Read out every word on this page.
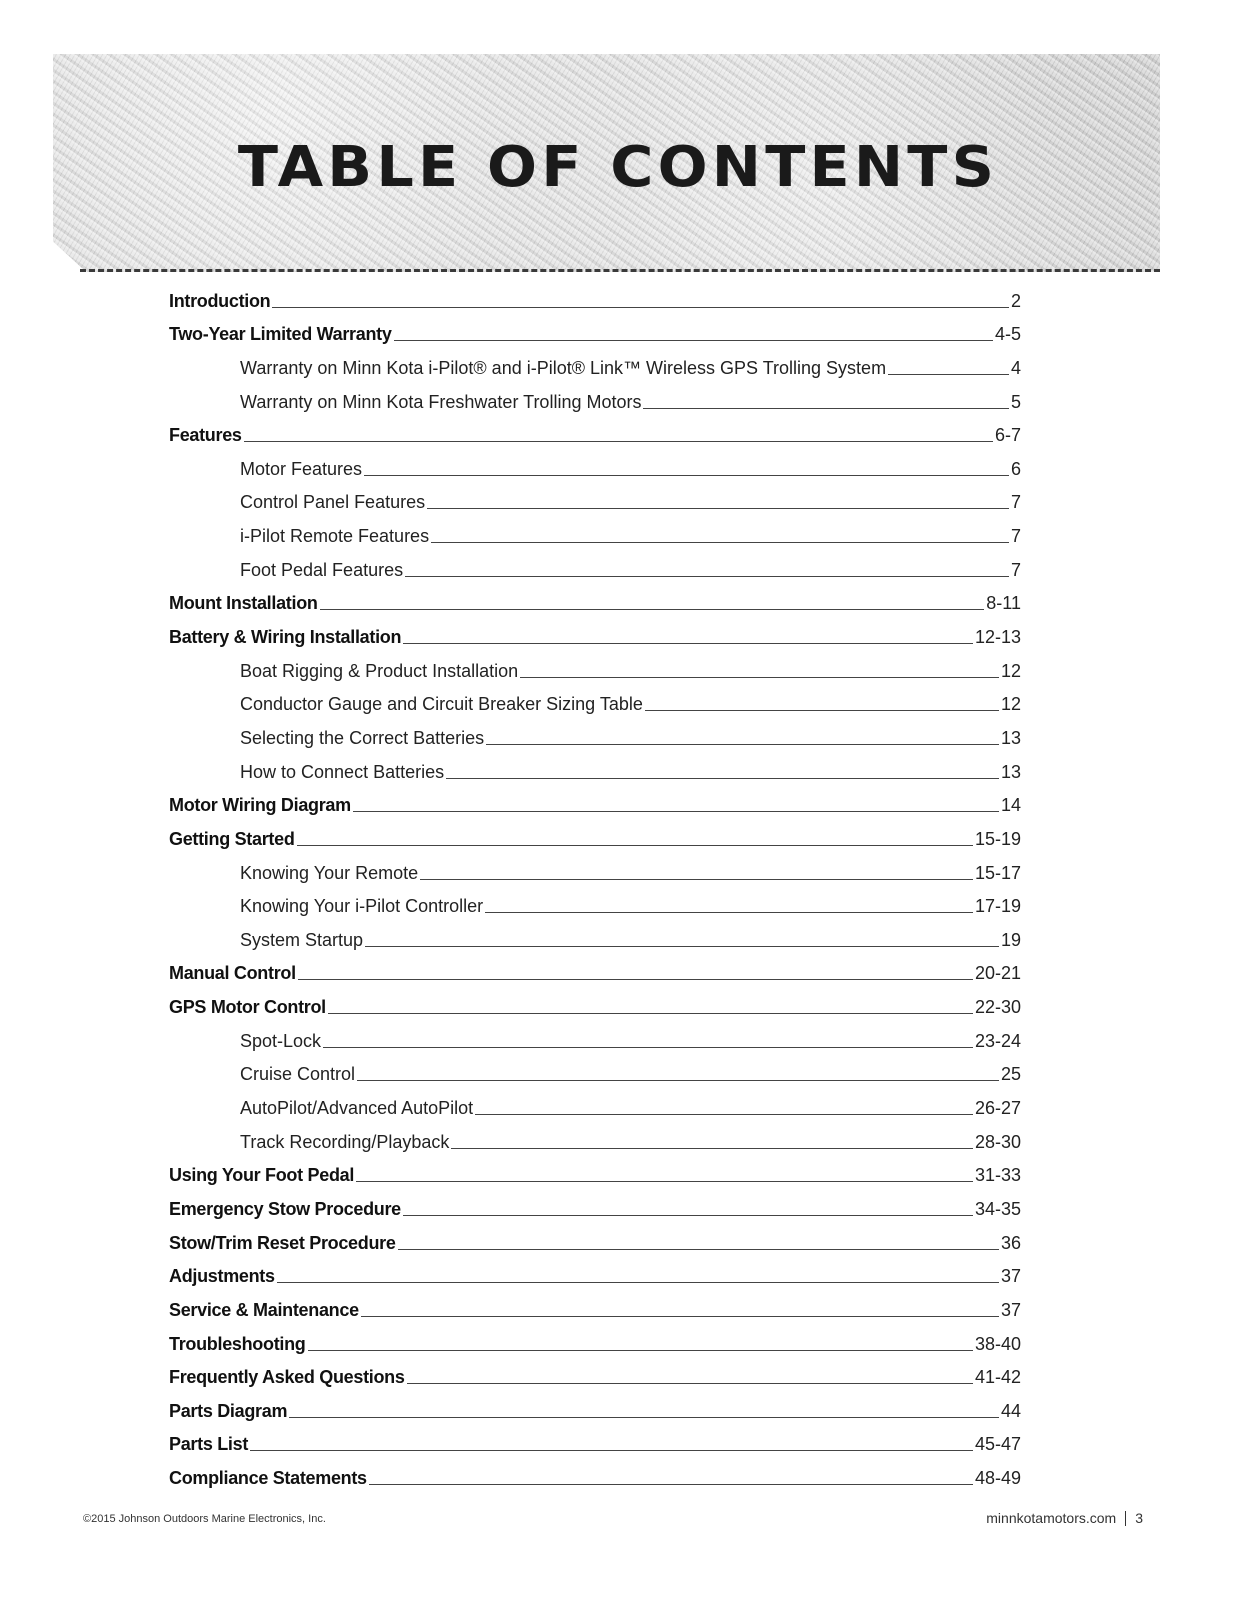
TABLE OF CONTENTS
Introduction	2
Two-Year Limited Warranty	4-5
Warranty on Minn Kota i-Pilot® and i-Pilot® Link™ Wireless GPS Trolling System	4
Warranty on Minn Kota Freshwater Trolling Motors	5
Features	6-7
Motor Features	6
Control Panel Features	7
i-Pilot Remote Features	7
Foot Pedal Features	7
Mount Installation	8-11
Battery & Wiring Installation	12-13
Boat Rigging & Product Installation	12
Conductor Gauge and Circuit Breaker Sizing Table	12
Selecting the Correct Batteries	13
How to Connect Batteries	13
Motor Wiring Diagram	14
Getting Started	15-19
Knowing Your Remote	15-17
Knowing Your i-Pilot Controller	17-19
System Startup	19
Manual Control	20-21
GPS Motor Control	22-30
Spot-Lock	23-24
Cruise Control	25
AutoPilot/Advanced AutoPilot	26-27
Track Recording/Playback	28-30
Using Your Foot Pedal	31-33
Emergency Stow Procedure	34-35
Stow/Trim Reset Procedure	36
Adjustments	37
Service & Maintenance	37
Troubleshooting	38-40
Frequently Asked Questions	41-42
Parts Diagram	44
Parts List	45-47
Compliance Statements	48-49
©2015 Johnson Outdoors Marine Electronics, Inc.	minnkotamotors.com 3
